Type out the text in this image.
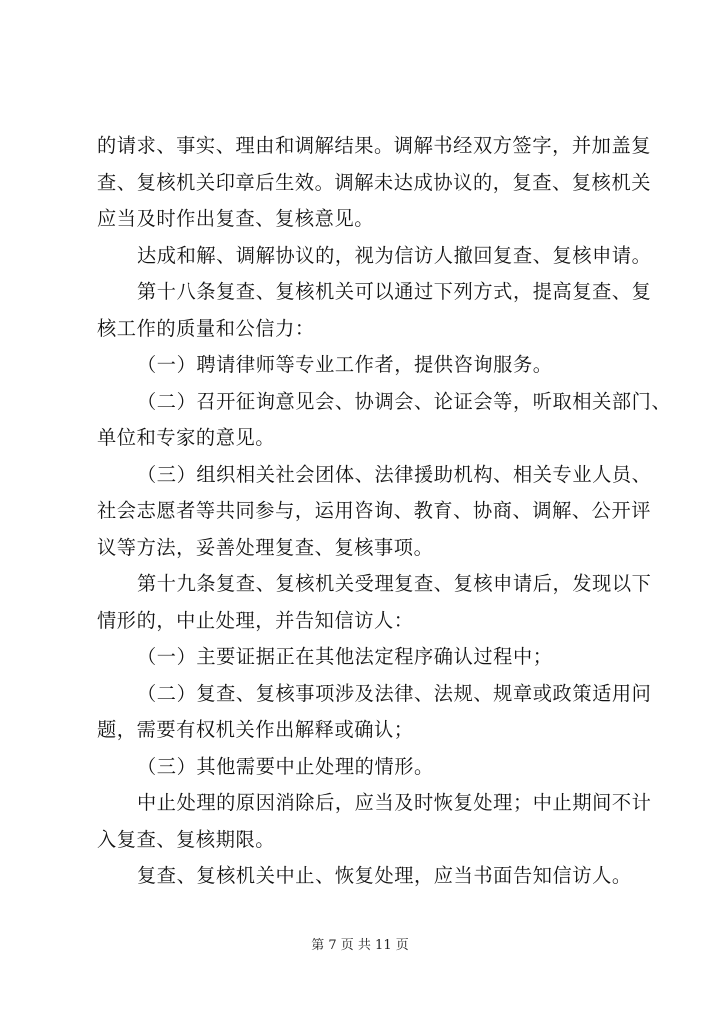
的请求、事实、理由和调解结果。调解书经双方签字，并加盖复
查、复核机关印章后生效。调解未达成协议的，复查、复核机关
应当及时作出复查、复核意见。
达成和解、调解协议的，视为信访人撤回复查、复核申请。
第十八条复查、复核机关可以通过下列方式，提高复查、复
核工作的质量和公信力：
（一）聘请律师等专业工作者，提供咨询服务。
（二）召开征询意见会、协调会、论证会等，听取相关部门、
单位和专家的意见。
（三）组织相关社会团体、法律援助机构、相关专业人员、
社会志愿者等共同参与，运用咨询、教育、协商、调解、公开评
议等方法，妥善处理复查、复核事项。
第十九条复查、复核机关受理复查、复核申请后，发现以下
情形的，中止处理，并告知信访人：
（一）主要证据正在其他法定程序确认过程中；
（二）复查、复核事项涉及法律、法规、规章或政策适用问
题，需要有权机关作出解释或确认；
（三）其他需要中止处理的情形。
中止处理的原因消除后，应当及时恢复处理；中止期间不计
入复查、复核期限。
复查、复核机关中止、恢复处理，应当书面告知信访人。
第 7 页 共 11 页
